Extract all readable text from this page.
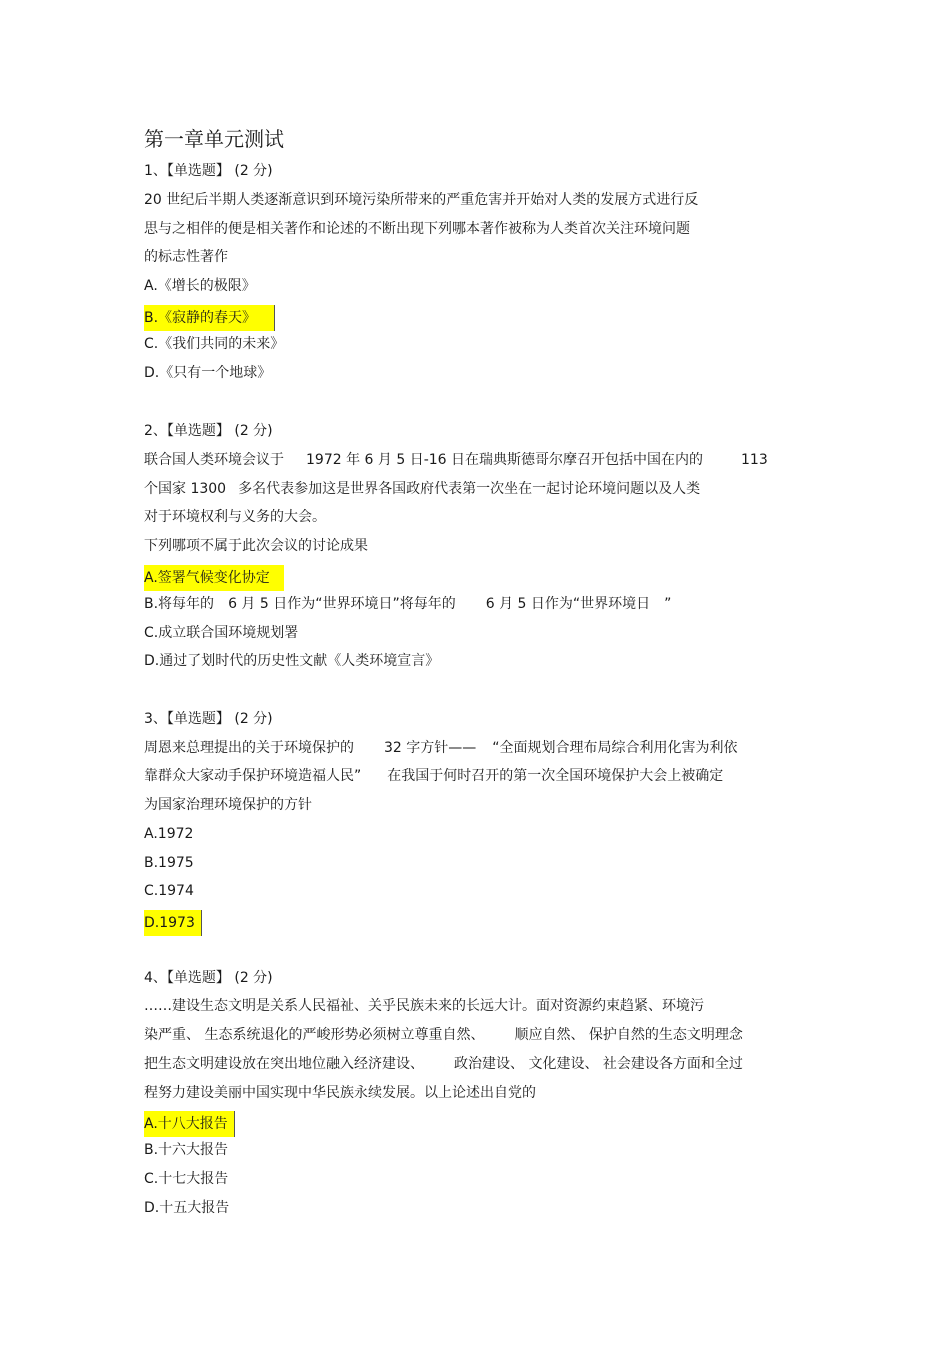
第一章单元测试
1、【单选题】 (2 分)
20 世纪后半期人类逐渐意识到环境污染所带来的严重危害并开始对人类的发展方式进行反
思与之相伴的便是相关著作和论述的不断出现下列哪本著作被称为人类首次关注环境问题
的标志性著作
A.《增长的极限》
B.《寂静的春天》
C.《我们共同的未来》
D.《只有一个地球》
2、【单选题】 (2 分)
联合国人类环境会议于 1972 年 6 月 5 日-16 日在瑞典斯德哥尔摩召开包括中国在内的	113
个国家 1300 多名代表参加这是世界各国政府代表第一次坐在一起讨论环境问题以及人类
对于环境权利与义务的大会。
下列哪项不属于此次会议的讨论成果
A.签署气候变化协定
B.将每年的 6 月 5 日作为“世界环境日”将每年的 6 月 5 日作为“世界环境日 ”
C.成立联合国环境规划署
D.通过了划时代的历史性文献《人类环境宣言》
3、【单选题】 (2 分)
周恩来总理提出的关于环境保护的 32 字方针—— “全面规划合理布局综合利用化害为利依
靠群众大家动手保护环境造福人民” 在我国于何时召开的第一次全国环境保护大会上被确定
为国家治理环境保护的方针
A.1972
B.1975
C.1974
D.1973
4、【单选题】 (2 分)
……建设生态文明是关系人民福祉、关乎民族未来的长远大计。面对资源约束趋紧、环境污
染严重、 生态系统退化的严峻形势必须树立尊重自然、 顺应自然、 保护自然的生态文明理念
把生态文明建设放在突出地位融入经济建设、 政治建设、 文化建设、 社会建设各方面和全过
程努力建设美丽中国实现中华民族永续发展。以上论述出自党的
A.十八大报告
B.十六大报告
C.十七大报告
D.十五大报告
